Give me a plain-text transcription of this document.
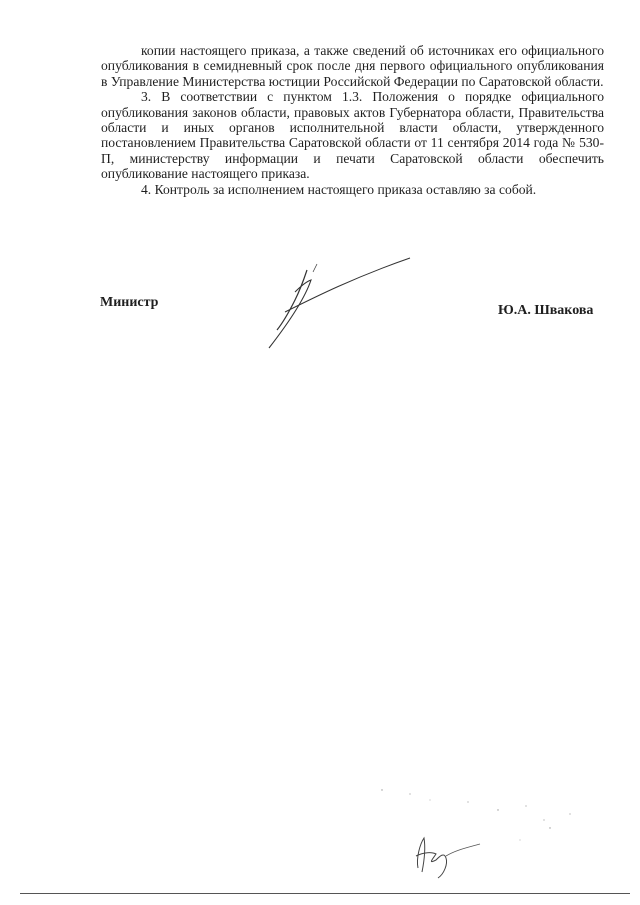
копии настоящего приказа, а также сведений об источниках его официального опубликования в семидневный срок после дня первого официального опубликования в Управление Министерства юстиции Российской Федерации по Саратовской области.

3. В соответствии с пунктом 1.3. Положения о порядке официального опубликования законов области, правовых актов Губернатора области, Правительства области и иных органов исполнительной власти области, утвержденного постановлением Правительства Саратовской области от 11 сентября 2014 года № 530-П, министерству информации и печати Саратовской области обеспечить опубликование настоящего приказа.

4. Контроль за исполнением настоящего приказа оставляю за собой.

Министр
Ю.А. Швакова
